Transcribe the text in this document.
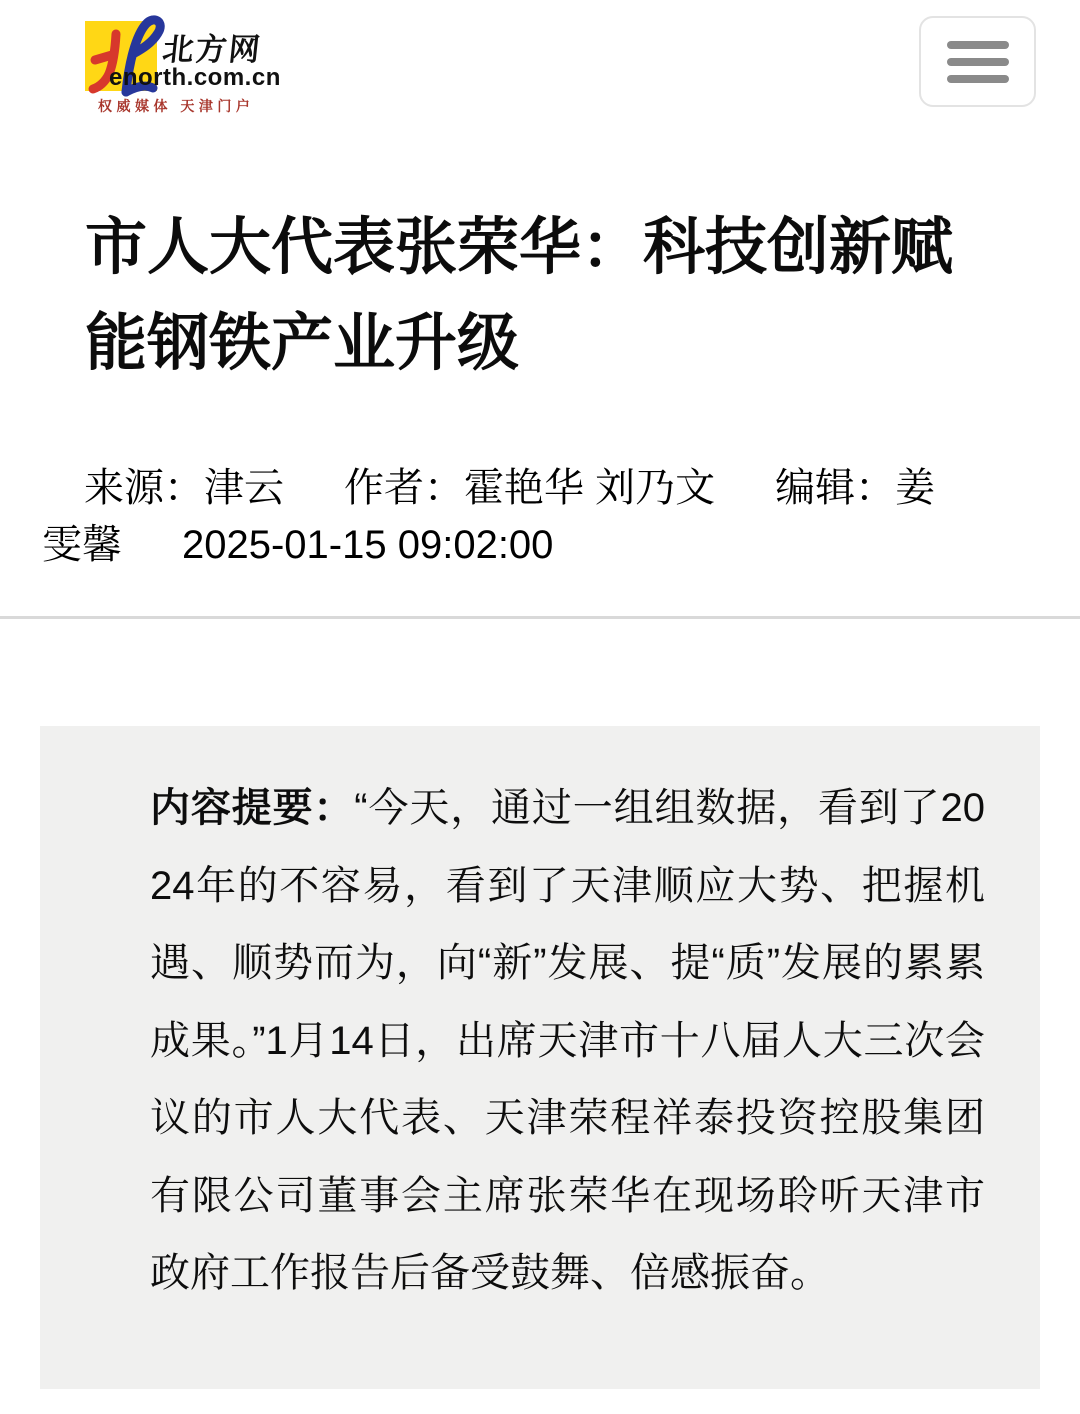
北方网
enorth.com.cn
权威媒体 天津门户
市人大代表张荣华：科技创新赋能钢铁产业升级
来源：津云 作者：霍艳华 刘乃文 编辑：姜雯馨 2025-01-15 09:02:00

内容提要：“今天，通过一组组数据，看到了2024年的不容易，看到了天津顺应大势、把握机遇、顺势而为，向“新”发展、提“质”发展的累累成果。”1月14日，出席天津市十八届人大三次会议的市人大代表、天津荣程祥泰投资控股集团有限公司董事会主席张荣华在现场聆听天津市政府工作报告后备受鼓舞、倍感振奋。
